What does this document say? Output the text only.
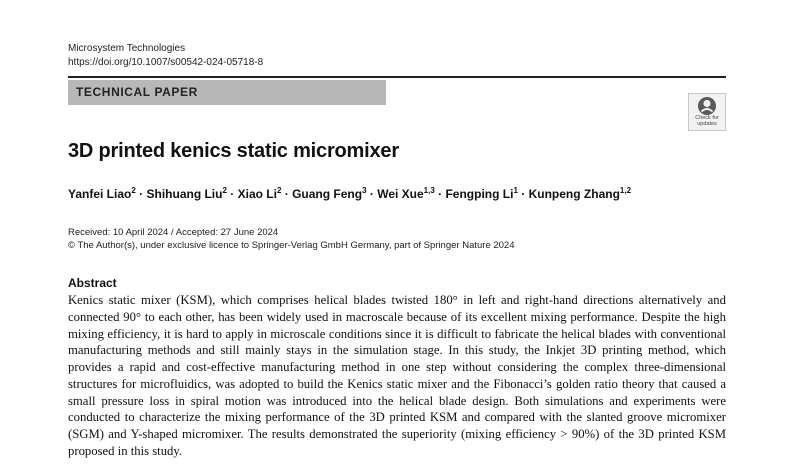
Microsystem Technologies
https://doi.org/10.1007/s00542-024-05718-8
TECHNICAL PAPER
Check for
updates
3D printed kenics static micromixer
Yanfei Liao$^2$ · Shihuang Liu$^2$ · Xiao $Li^2$ · Guang Feng$^3$ · Wei Xue$^{1,3}$ · Fengping $Li^1$ · Kunpeng Zhang$^{1,2}$
Received: 10 April 2024 / Accepted: 27 June 2024
© The Author(s), under exclusive licence to Springer-Verlag GmbH Germany, part of Springer Nature 2024
Abstract

Kenics static mixer (KSM), which comprises helical blades twisted 180° in left and right-hand directions alternatively and connected 90° to each other, has been widely used in macroscale because of its excellent mixing performance. Despite the high mixing efficiency, it is hard to apply in microscale conditions since it is difficult to fabricate the helical blades with conventional manufacturing methods and still mainly stays in the simulation stage. In this study, the Inkjet 3D printing method, which provides a rapid and cost-effective manufacturing method in one step without considering the complex three-dimensional structures for microfluidics, was adopted to build the Kenics static mixer and the Fibonacci’s golden ratio theory that caused a small pressure loss in spiral motion was introduced into the helical blade design. Both simulations and experiments were conducted to characterize the mixing performance of the 3D printed KSM and compared with the slanted groove micromixer (SGM) and Y-shaped micromixer. The results demonstrated the superiority (mixing efficiency > 90%) of the 3D printed KSM proposed in this study.
